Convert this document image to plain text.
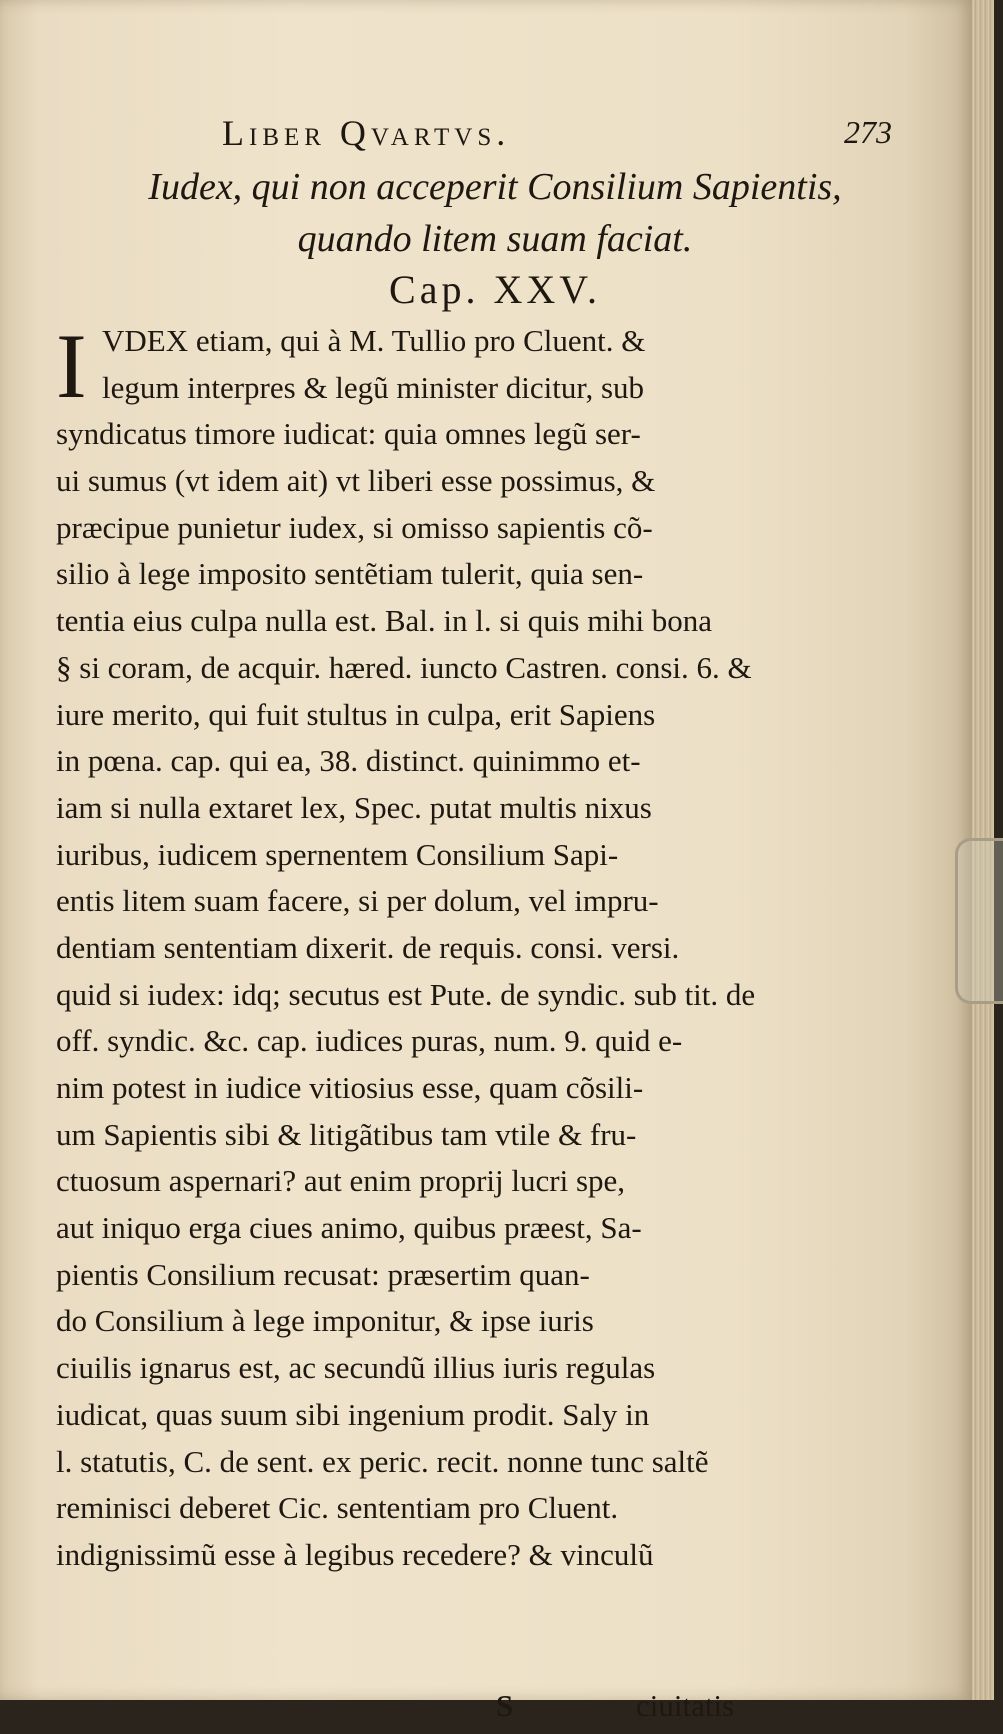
Liber Qvartvs.	273
Iudex, qui non acceperit Consilium Sapientis,
quando litem suam faciat.
Cap. XXV.
I VDEX etiam, qui à M. Tullio pro Cluent. &
legum interpres & legũ minister dicitur, sub
syndicatus timore iudicat: quia omnes legũ ser-
ui sumus (vt idem ait) vt liberi esse possimus, &
præcipue punietur iudex, si omisso sapientis cõ-
silio à lege imposito sentẽtiam tulerit, quia sen-
tentia eius culpa nulla est. Bal. in l. si quis mihi bona
§ si coram, de acquir. hæred. iuncto Castren. consi. 6. &
iure merito, qui fuit stultus in culpa, erit Sapiens
in pœna. cap. qui ea, 38. distinct. quinimmo et-
iam si nulla extaret lex, Spec. putat multis nixus
iuribus, iudicem spernentem Consilium Sapi-
entis litem suam facere, si per dolum, vel impru-
dentiam sententiam dixerit. de requis. consi. versi.
quid si iudex: idq; secutus est Pute. de syndic. sub tit. de
off. syndic. &c. cap. iudices puras, num. 9. quid e-
nim potest in iudice vitiosius esse, quam cõsili-
um Sapientis sibi & litigãtibus tam vtile & fru-
ctuosum aspernari? aut enim proprij lucri spe,
aut iniquo erga ciues animo, quibus præest, Sa-
pientis Consilium recusat: præsertim quan-
do Consilium à lege imponitur, & ipse iuris
ciuilis ignarus est, ac secundũ illius iuris regulas
iudicat, quas suum sibi ingenium prodit. Saly in
l. statutis, C. de sent. ex peric. recit. nonne tunc saltẽ
reminisci deberet Cic. sententiam pro Cluent.
indignissimũ esse à legibus recedere? & vinculũ
S	ciuitatis
